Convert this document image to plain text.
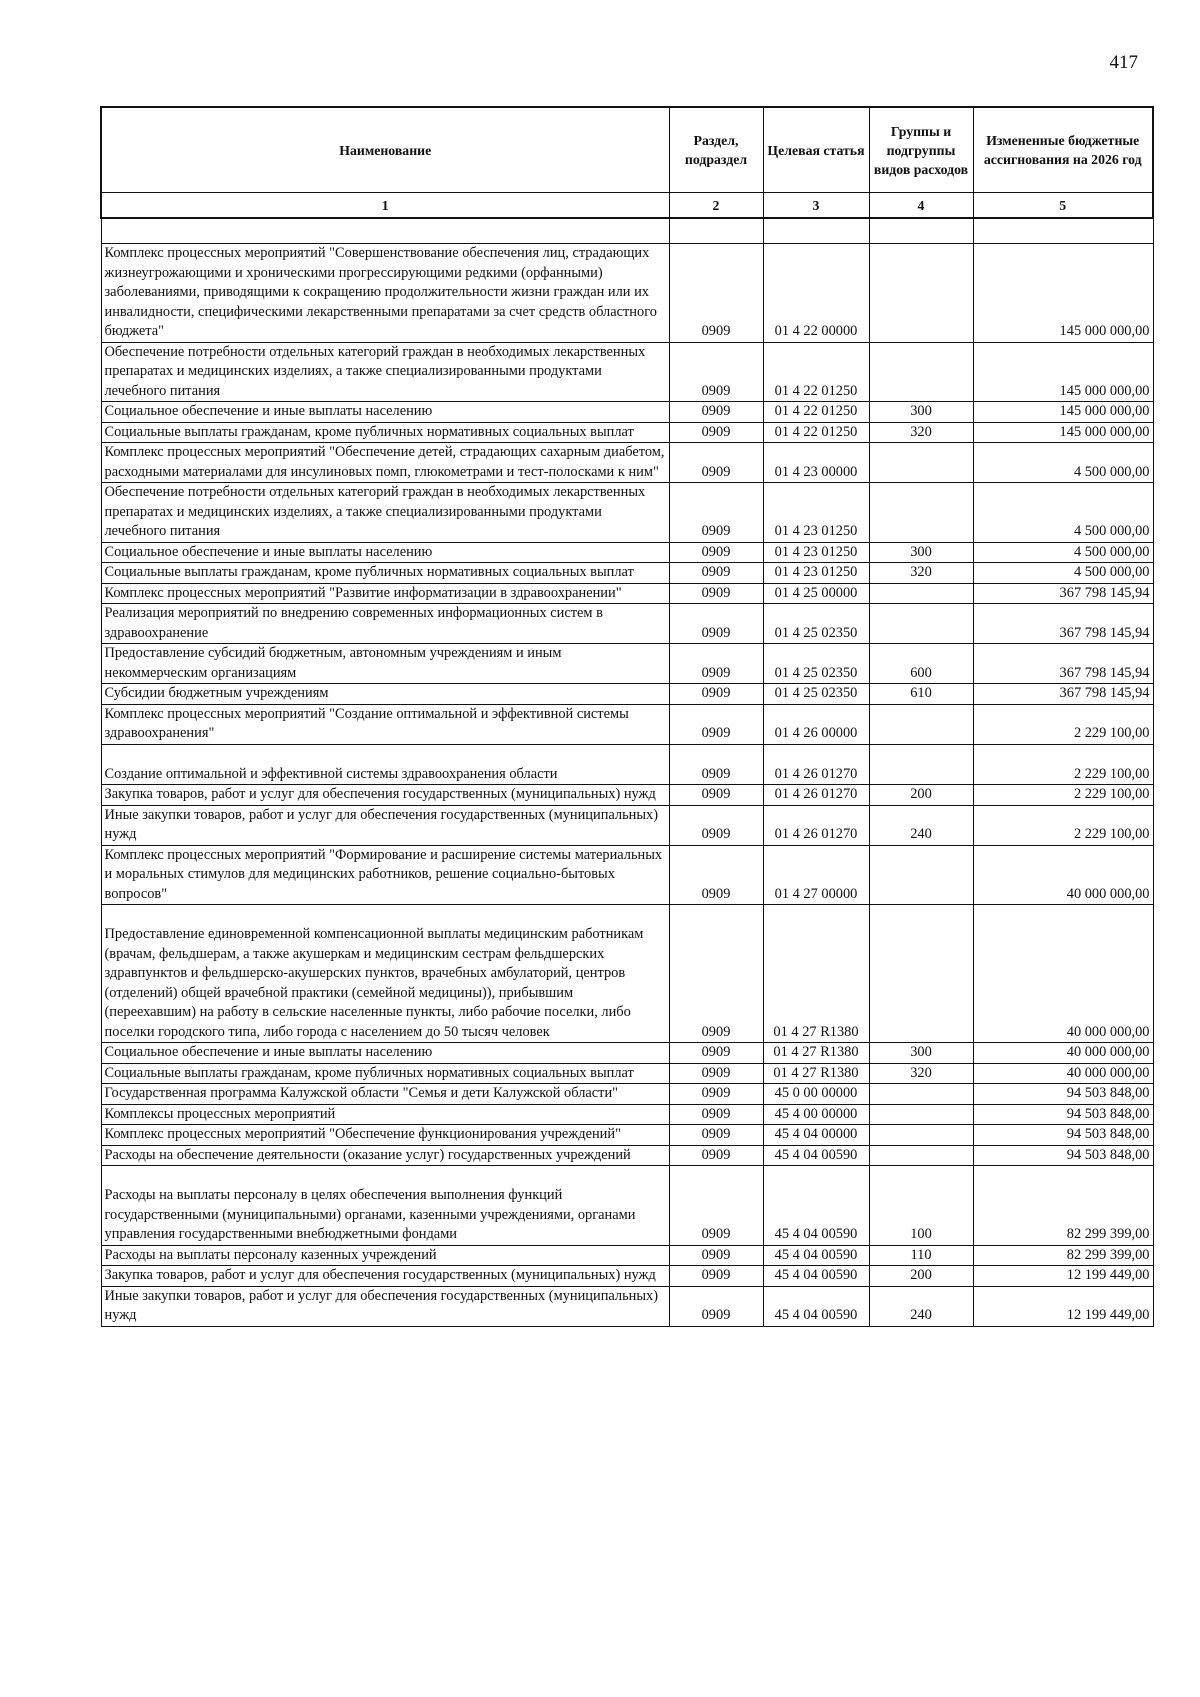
417
Наименование	Раздел, подраздел	Целевая статья	Группы и подгруппы видов расходов	Измененные бюджетные ассигнования на 2026 год
1	2	3	4	5

Комплекс процессных мероприятий "Совершенствование обеспечения лиц, страдающих жизнеугрожающими и хроническими прогрессирующими редкими (орфанными) заболеваниями, приводящими к сокращению продолжительности жизни граждан или их инвалидности, специфическими лекарственными препаратами за счет средств областного бюджета"	0909	01 4 22 00000		145 000 000,00
Обеспечение потребности отдельных категорий граждан в необходимых лекарственных препаратах и медицинских изделиях, а также специализированными продуктами лечебного питания	0909	01 4 22 01250		145 000 000,00
Социальное обеспечение и иные выплаты населению	0909	01 4 22 01250	300	145 000 000,00
Социальные выплаты гражданам, кроме публичных нормативных социальных выплат	0909	01 4 22 01250	320	145 000 000,00
Комплекс процессных мероприятий "Обеспечение детей, страдающих сахарным диабетом, расходными материалами для инсулиновых помп, глюкометрами и тест-полосками к ним"	0909	01 4 23 00000		4 500 000,00
Обеспечение потребности отдельных категорий граждан в необходимых лекарственных препаратах и медицинских изделиях, а также специализированными продуктами лечебного питания	0909	01 4 23 01250		4 500 000,00
Социальное обеспечение и иные выплаты населению	0909	01 4 23 01250	300	4 500 000,00
Социальные выплаты гражданам, кроме публичных нормативных социальных выплат	0909	01 4 23 01250	320	4 500 000,00
Комплекс процессных мероприятий "Развитие информатизации в здравоохранении"	0909	01 4 25 00000		367 798 145,94
Реализация мероприятий по внедрению современных информационных систем в здравоохранение	0909	01 4 25 02350		367 798 145,94
Предоставление субсидий бюджетным, автономным учреждениям и иным некоммерческим организациям	0909	01 4 25 02350	600	367 798 145,94
Субсидии бюджетным учреждениям	0909	01 4 25 02350	610	367 798 145,94
Комплекс процессных мероприятий "Создание оптимальной и эффективной системы здравоохранения"	0909	01 4 26 00000		2 229 100,00
Создание оптимальной и эффективной системы здравоохранения области	0909	01 4 26 01270		2 229 100,00
Закупка товаров, работ и услуг для обеспечения государственных (муниципальных) нужд	0909	01 4 26 01270	200	2 229 100,00
Иные закупки товаров, работ и услуг для обеспечения государственных (муниципальных) нужд	0909	01 4 26 01270	240	2 229 100,00
Комплекс процессных мероприятий "Формирование и расширение системы материальных и моральных стимулов для медицинских работников, решение социально-бытовых вопросов"	0909	01 4 27 00000		40 000 000,00
Предоставление единовременной компенсационной выплаты медицинским работникам (врачам, фельдшерам, а также акушеркам и медицинским сестрам фельдшерских здравпунктов и фельдшерско-акушерских пунктов, врачебных амбулаторий, центров (отделений) общей врачебной практики (семейной медицины)), прибывшим (переехавшим) на работу в сельские населенные пункты, либо рабочие поселки, либо поселки городского типа, либо города с населением до 50 тысяч человек	0909	01 4 27 R1380		40 000 000,00
Социальное обеспечение и иные выплаты населению	0909	01 4 27 R1380	300	40 000 000,00
Социальные выплаты гражданам, кроме публичных нормативных социальных выплат	0909	01 4 27 R1380	320	40 000 000,00
Государственная программа Калужской области "Семья и дети Калужской области"	0909	45 0 00 00000		94 503 848,00
Комплексы процессных мероприятий	0909	45 4 00 00000		94 503 848,00
Комплекс процессных мероприятий "Обеспечение функционирования учреждений"	0909	45 4 04 00000		94 503 848,00
Расходы на обеспечение деятельности (оказание услуг) государственных учреждений	0909	45 4 04 00590		94 503 848,00
Расходы на выплаты персоналу в целях обеспечения выполнения функций государственными (муниципальными) органами, казенными учреждениями, органами управления государственными внебюджетными фондами	0909	45 4 04 00590	100	82 299 399,00
Расходы на выплаты персоналу казенных учреждений	0909	45 4 04 00590	110	82 299 399,00
Закупка товаров, работ и услуг для обеспечения государственных (муниципальных) нужд	0909	45 4 04 00590	200	12 199 449,00
Иные закупки товаров, работ и услуг для обеспечения государственных (муниципальных) нужд	0909	45 4 04 00590	240	12 199 449,00
